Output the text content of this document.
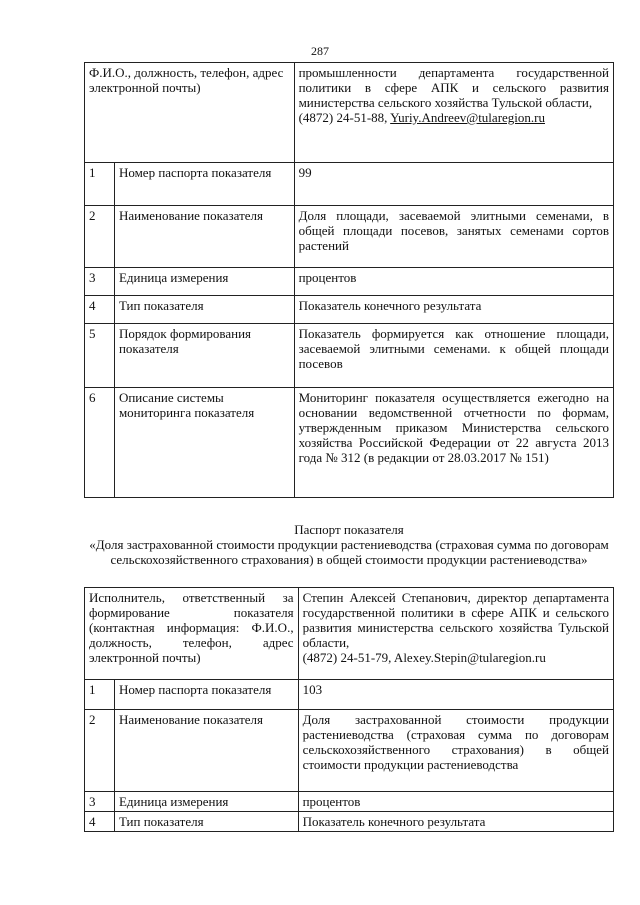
287
Ф.И.О., должность, телефон, адрес электронной почты)		промышленности департамента государственной политики в сфере АПК и сельского развития министерства сельского хозяйства Тульской области,
(4872) 24-51-88, Yuriy.Andreev@tularegion.ru

1	Номер паспорта показателя	99
2	Наименование показателя	Доля площади, засеваемой элитными семенами, в общей площади посевов, занятых семенами сортов растений
3	Единица измерения	процентов
4	Тип показателя	Показатель конечного результата
5	Порядок формирования показателя	Показатель формируется как отношение площади, засеваемой элитными семенами. к общей площади посевов
6	Описание системы мониторинга показателя	Мониторинг показателя осуществляется ежегодно на основании ведомственной отчетности по формам, утвержденным приказом Министерства сельского хозяйства Российской Федерации от 22 августа 2013 года № 312 (в редакции от 28.03.2017 № 151)
Паспорт показателя
«Доля застрахованной стоимости продукции растениеводства (страховая сумма по договорам сельскохозяйственного страхования) в общей стоимости продукции растениеводства»
Исполнитель, ответственный за формирование показателя (контактная информация: Ф.И.О., должность, телефон, адрес электронной почты)		Степин Алексей Степанович, директор департамента государственной политики в сфере АПК и сельского развития министерства сельского хозяйства Тульской области,
(4872) 24-51-79, Alexey.Stepin@tularegion.ru

1	Номер паспорта показателя	103
2	Наименование показателя	Доля застрахованной стоимости продукции растениеводства (страховая сумма по договорам сельскохозяйственного страхования) в общей стоимости продукции растениеводства
3	Единица измерения	процентов
4	Тип показателя	Показатель конечного результата
